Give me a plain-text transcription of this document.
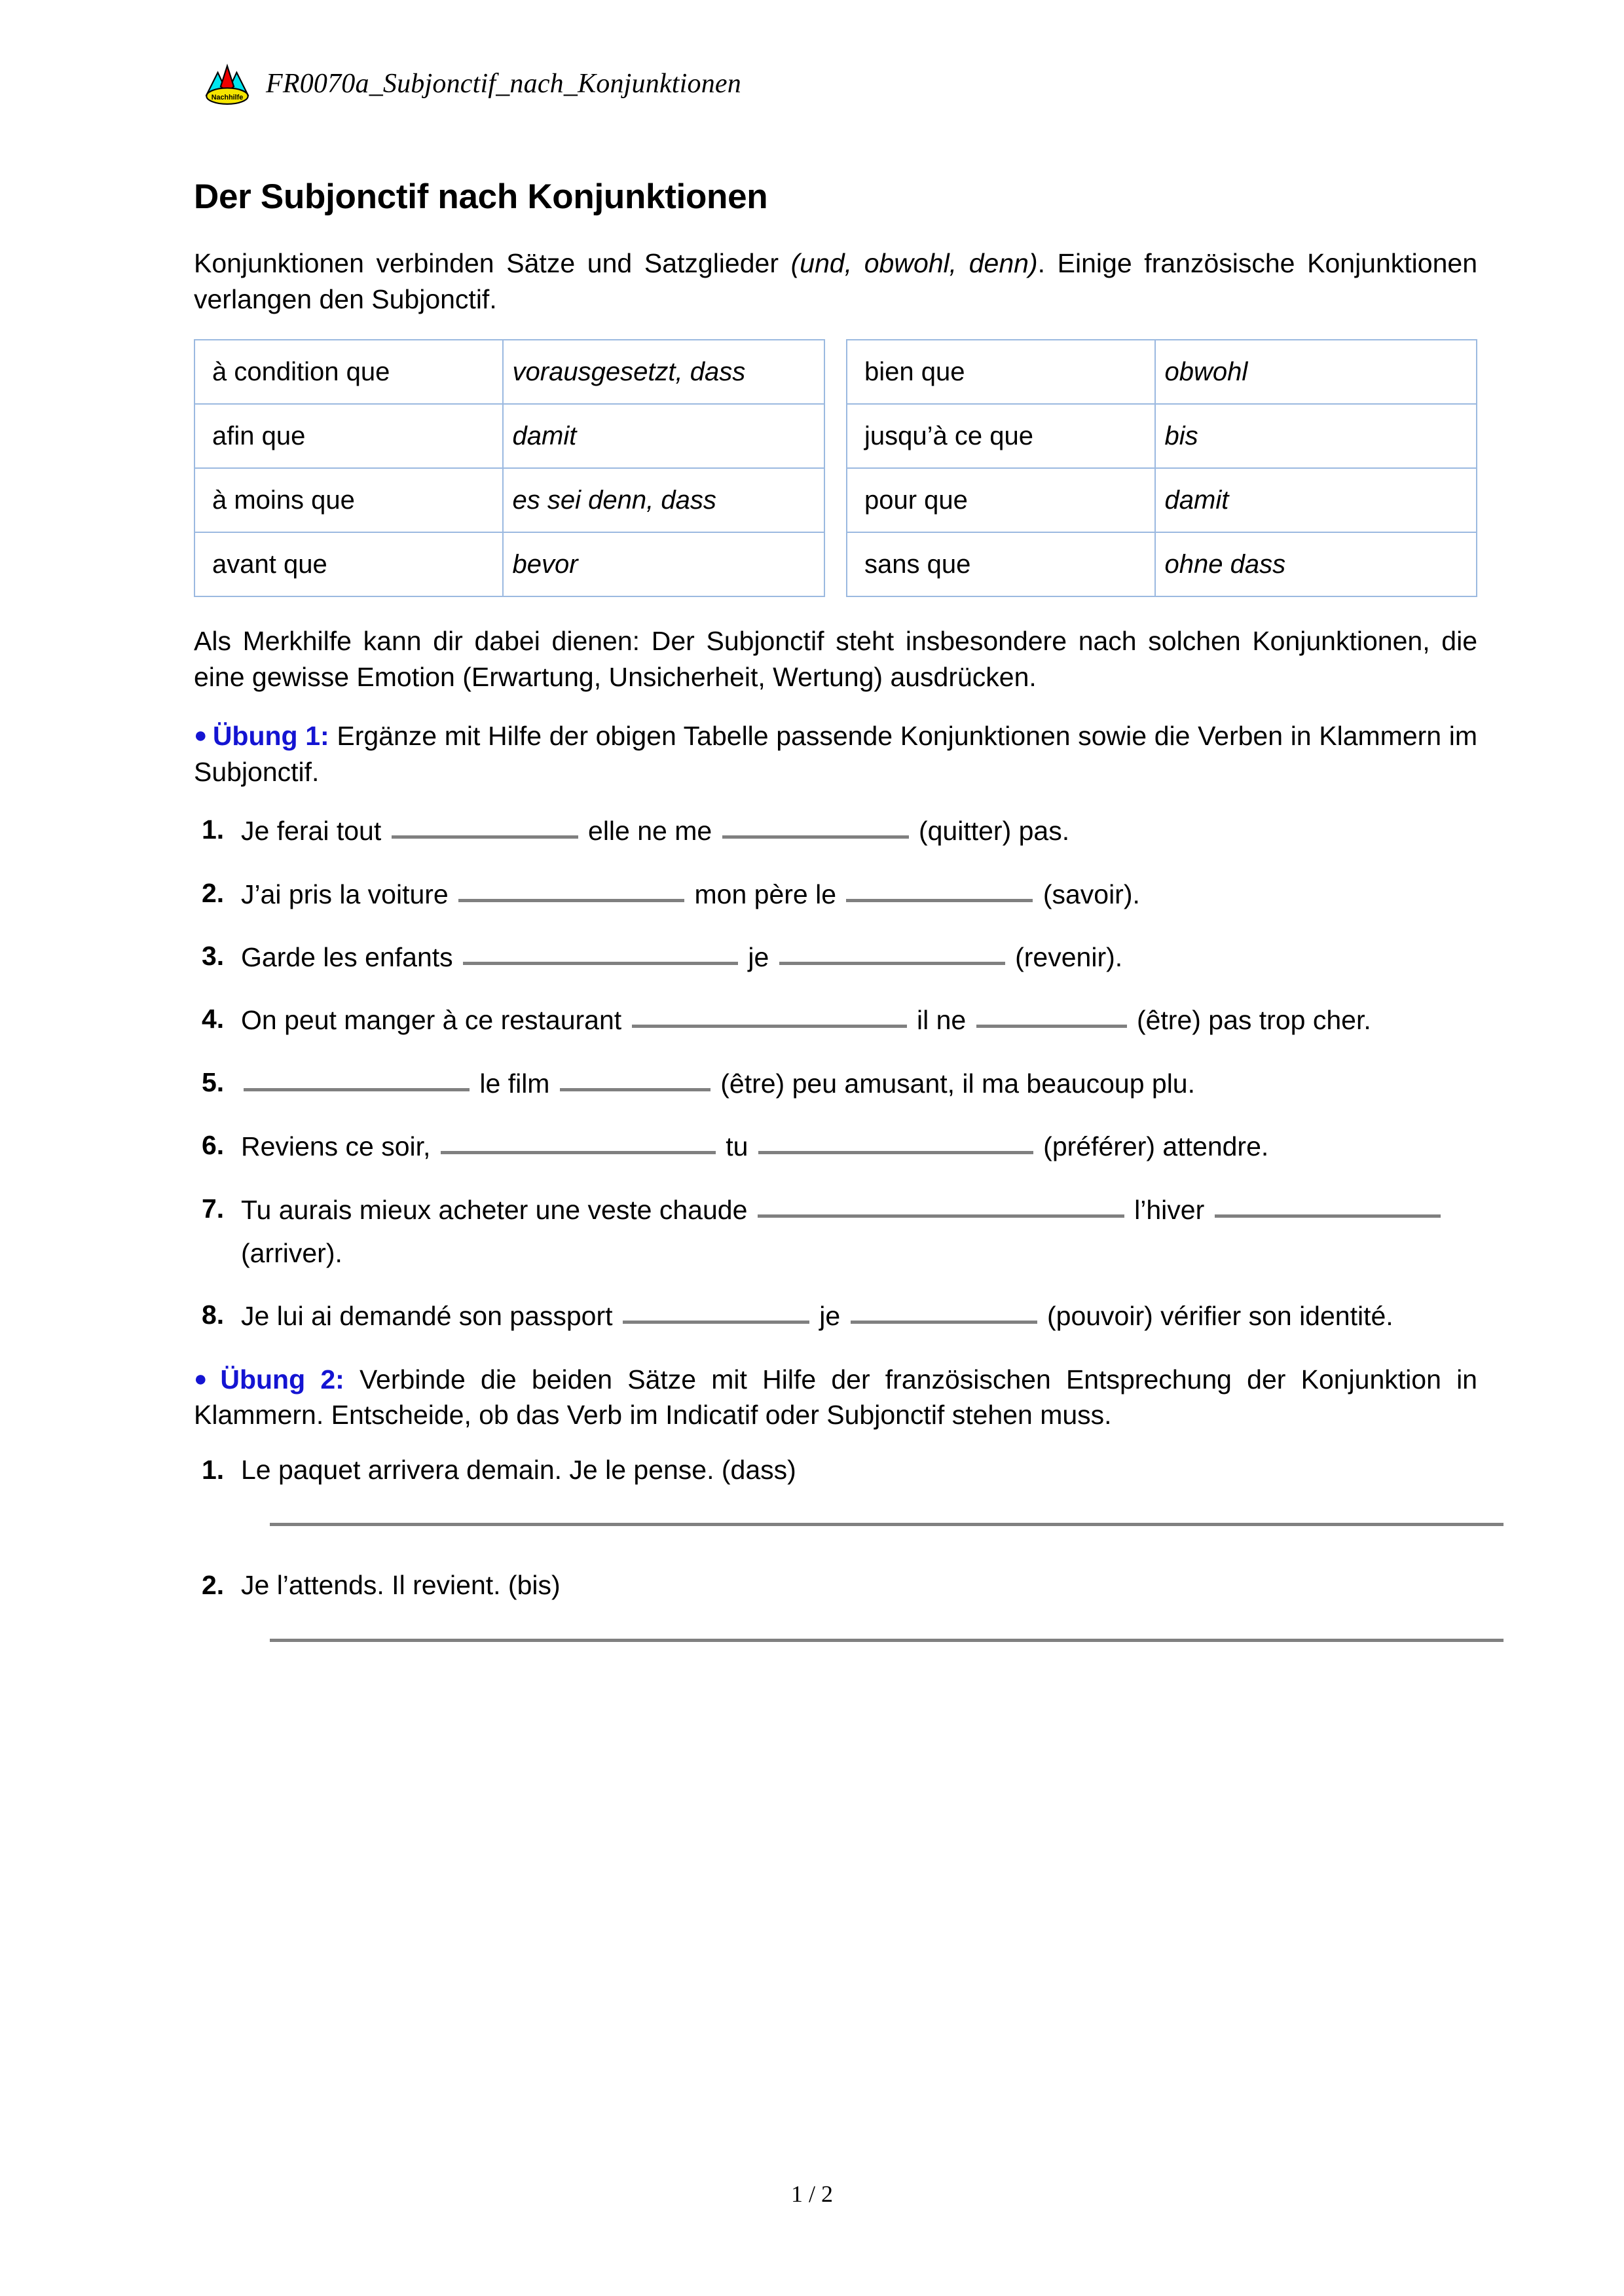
Nachhilfe FR0070a_Subjonctif_nach_Konjunktionen
Der Subjonctif nach Konjunktionen

Konjunktionen verbinden Sätze und Satzglieder (und, obwohl, denn). Einige französische Konjunktionen verlangen den Subjonctif.

à condition que	vorausgesetzt, dass
afin que	damit
à moins que	es sei denn, dass
avant que	bevor
bien que	obwohl
jusqu’à ce que	bis
pour que	damit
sans que	ohne dass

Als Merkhilfe kann dir dabei dienen: Der Subjonctif steht insbesondere nach solchen Konjunktionen, die eine gewisse Emotion (Erwartung, Unsicherheit, Wertung) ausdrücken.

● Übung 1: Ergänze mit Hilfe der obigen Tabelle passende Konjunktionen sowie die Verben in Klammern im Subjonctif.
1. Je ferai tout	elle ne me	(quitter) pas.
2. J’ai pris la voiture	mon père le	(savoir).
3. Garde les enfants	je	(revenir).
4. On peut manger à ce restaurant	il ne	(être) pas trop cher.
5.	le film	(être) peu amusant, il ma beaucoup plu.
6. Reviens ce soir,	tu	(préférer) attendre.
7. Tu aurais mieux acheter une veste chaude	l’hiver  (arriver).
8. Je lui ai demandé son passport	je	(pouvoir) vérifier son identité.
● Übung 2: Verbinde die beiden Sätze mit Hilfe der französischen Entsprechung der Konjunktion in Klammern. Entscheide, ob das Verb im Indicatif oder Subjonctif stehen muss.
1. Le paquet arrivera demain. Je le pense. (dass)
2. Je l’attends. Il revient. (bis)
1 / 2
